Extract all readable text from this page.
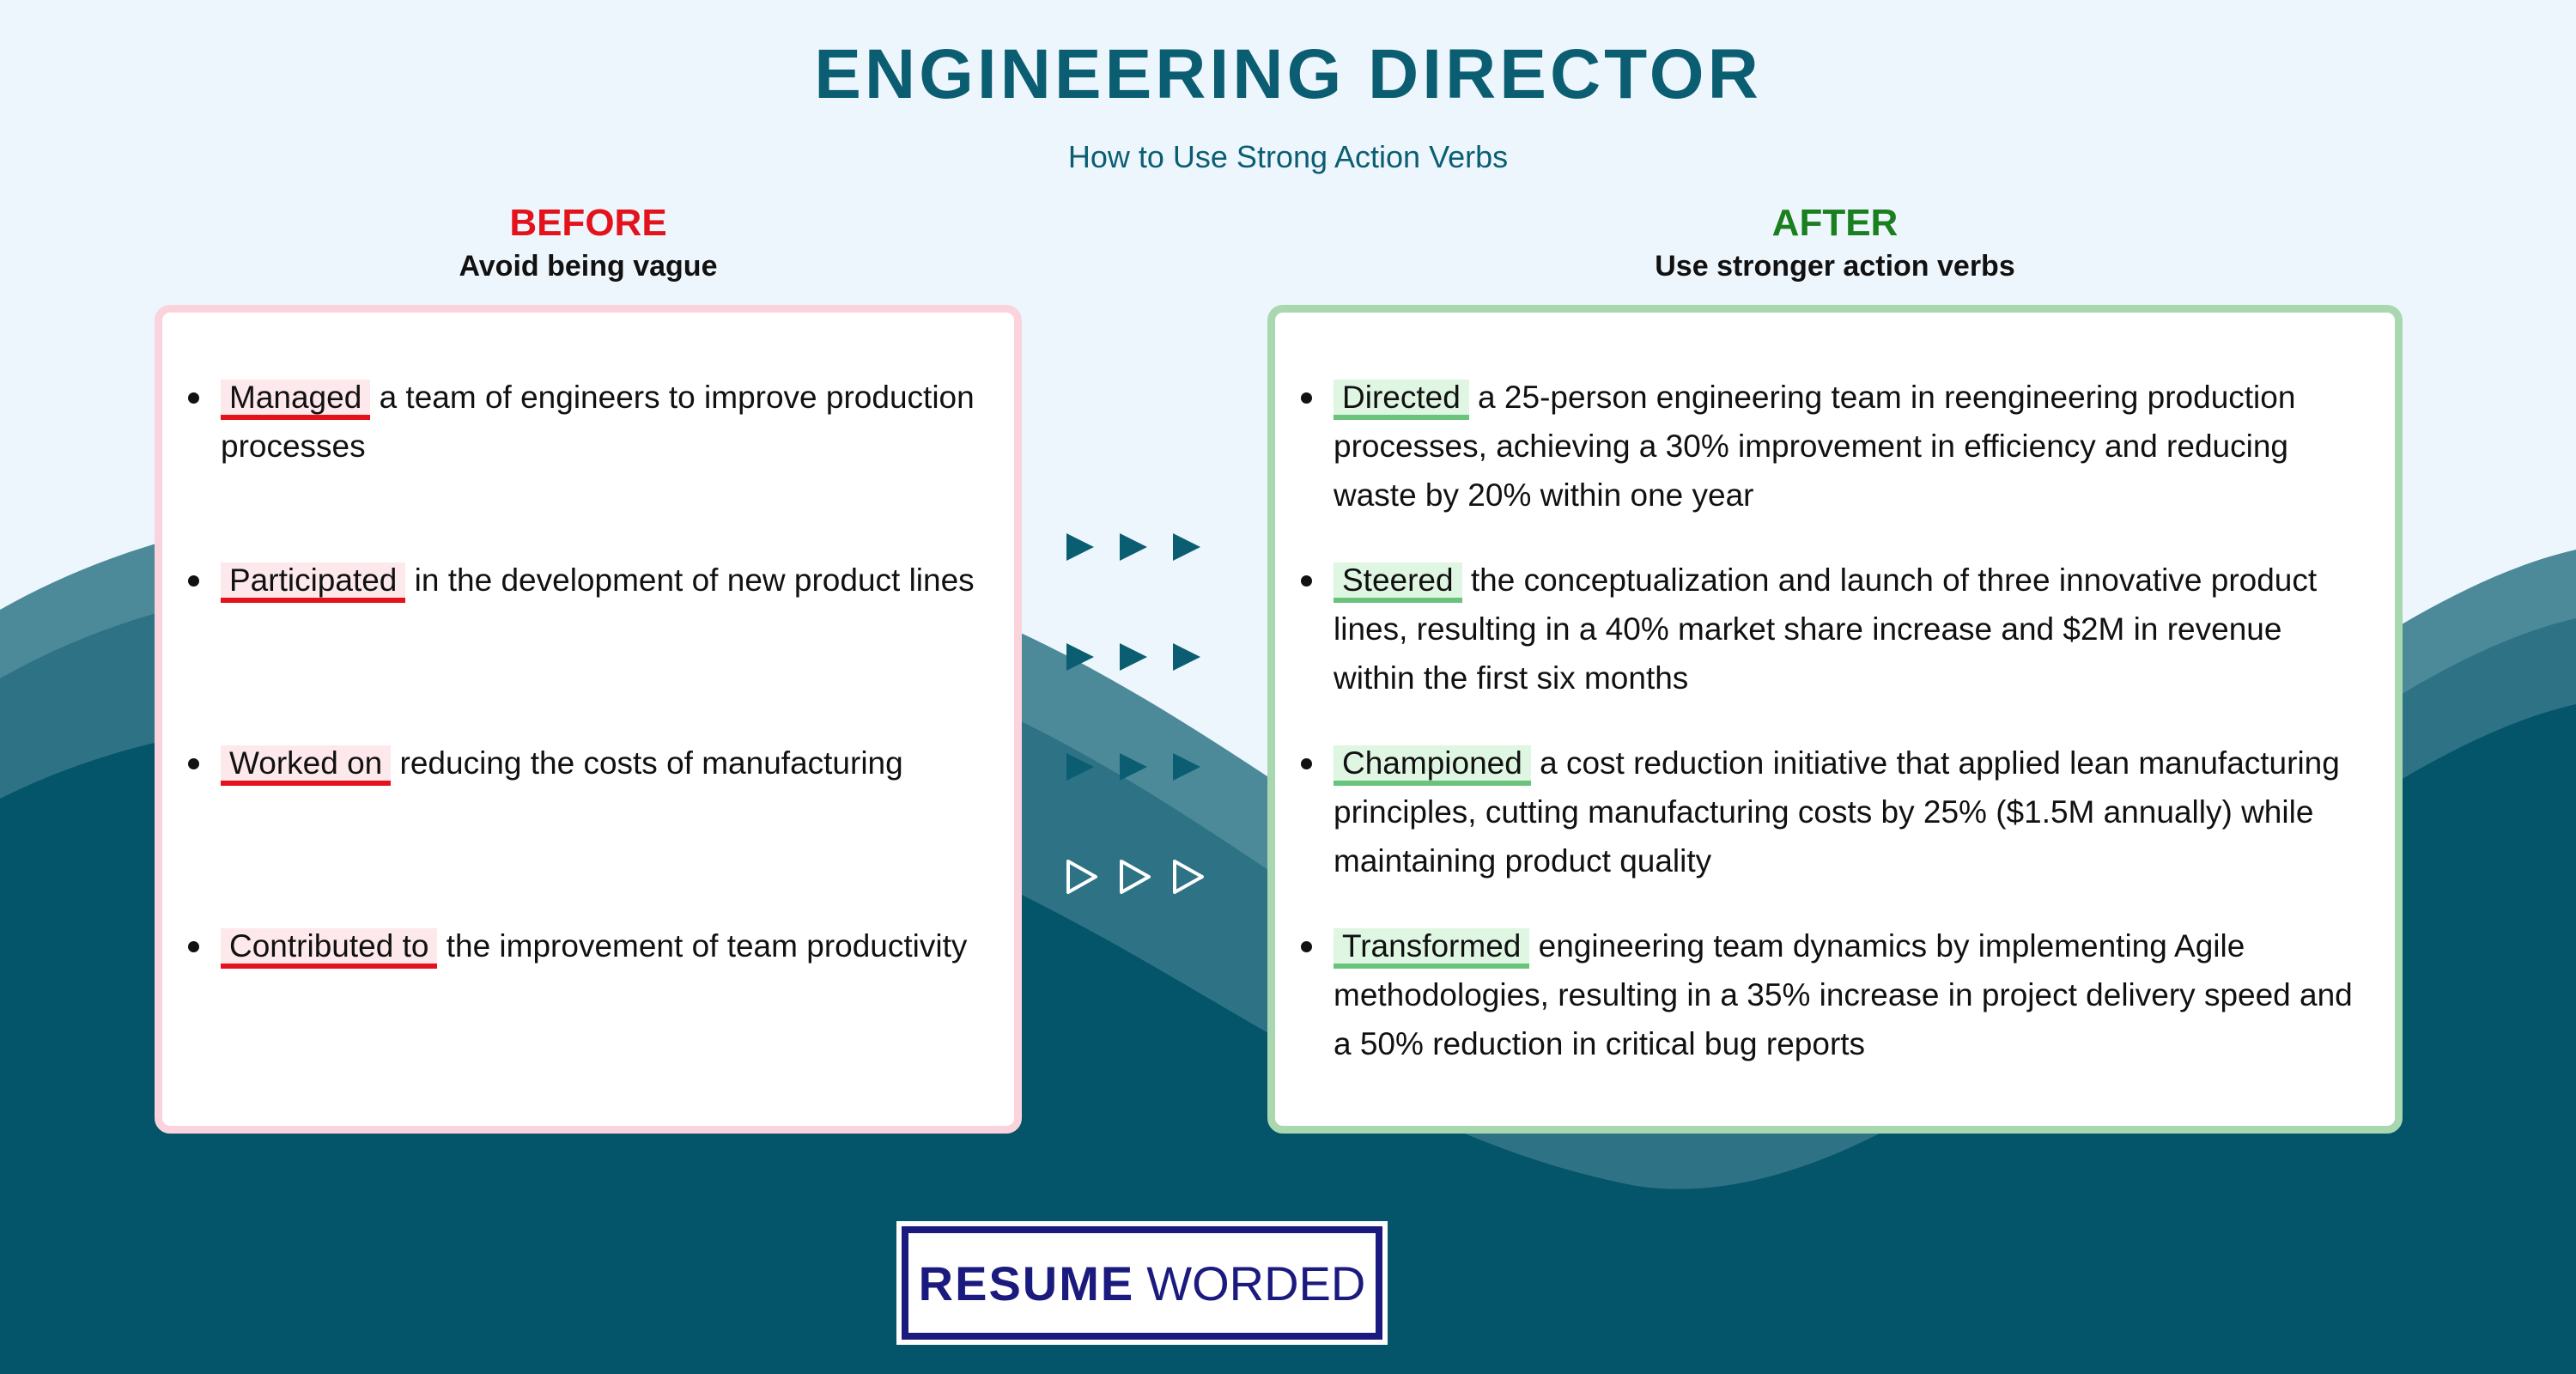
ENGINEERING DIRECTOR
How to Use Strong Action Verbs
BEFORE
Avoid being vague
AFTER
Use stronger action verbs
Managed a team of engineers to improve production processes
Participated in the development of new product lines
Worked on reducing the costs of manufacturing
Contributed to the improvement of team productivity
Directed a 25-person engineering team in reengineering production processes, achieving a 30% improvement in efficiency and reducing waste by 20% within one year
Steered the conceptualization and launch of three innovative product lines, resulting in a 40% market share increase and $2M in revenue within the first six months
Championed a cost reduction initiative that applied lean manufacturing principles, cutting manufacturing costs by 25% ($1.5M annually) while maintaining product quality
Transformed engineering team dynamics by implementing Agile methodologies, resulting in a 35% increase in project delivery speed and a 50% reduction in critical bug reports
RESUME WORDED
